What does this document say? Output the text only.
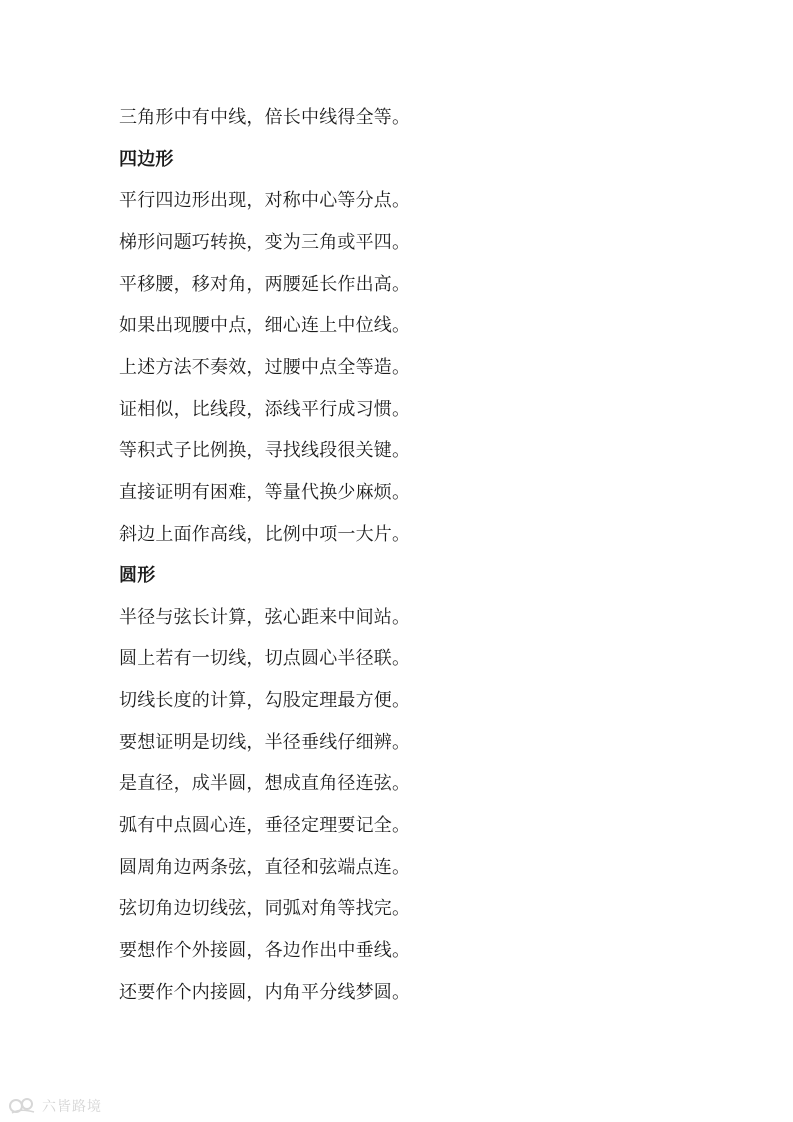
三角形中有中线，倍长中线得全等。
四边形
平行四边形出现，对称中心等分点。
梯形问题巧转换，变为三角或平四。
平移腰，移对角，两腰延长作出高。
如果出现腰中点，细心连上中位线。
上述方法不奏效，过腰中点全等造。
证相似，比线段，添线平行成习惯。
等积式子比例换，寻找线段很关键。
直接证明有困难，等量代换少麻烦。
斜边上面作高线，比例中项一大片。
圆形
半径与弦长计算，弦心距来中间站。
圆上若有一切线，切点圆心半径联。
切线长度的计算，勾股定理最方便。
要想证明是切线，半径垂线仔细辨。
是直径，成半圆，想成直角径连弦。
弧有中点圆心连，垂径定理要记全。
圆周角边两条弦，直径和弦端点连。
弦切角边切线弦，同弧对角等找完。
要想作个外接圆，各边作出中垂线。
还要作个内接圆，内角平分线梦圆。
六皆路境
